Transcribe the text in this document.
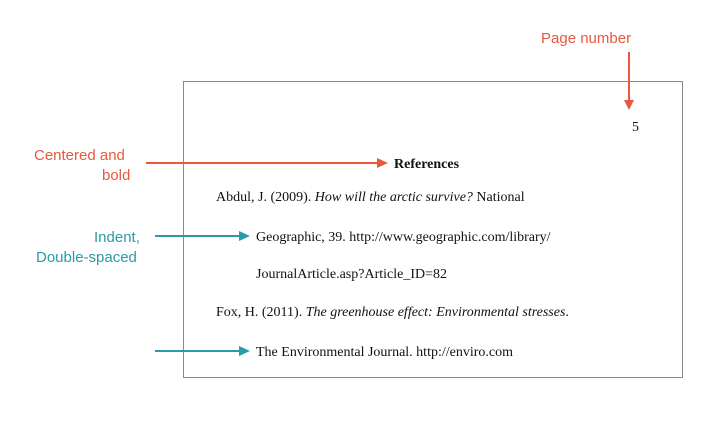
Page number
Centered and
bold
Indent,
Double-spaced
5
References
Abdul, J. (2009). How will the arctic survive? National
Geographic, 39. http://www.geographic.com/library/
JournalArticle.asp?Article_ID=82
Fox, H. (2011). The greenhouse effect: Environmental stresses.
The Environmental Journal. http://enviro.com
